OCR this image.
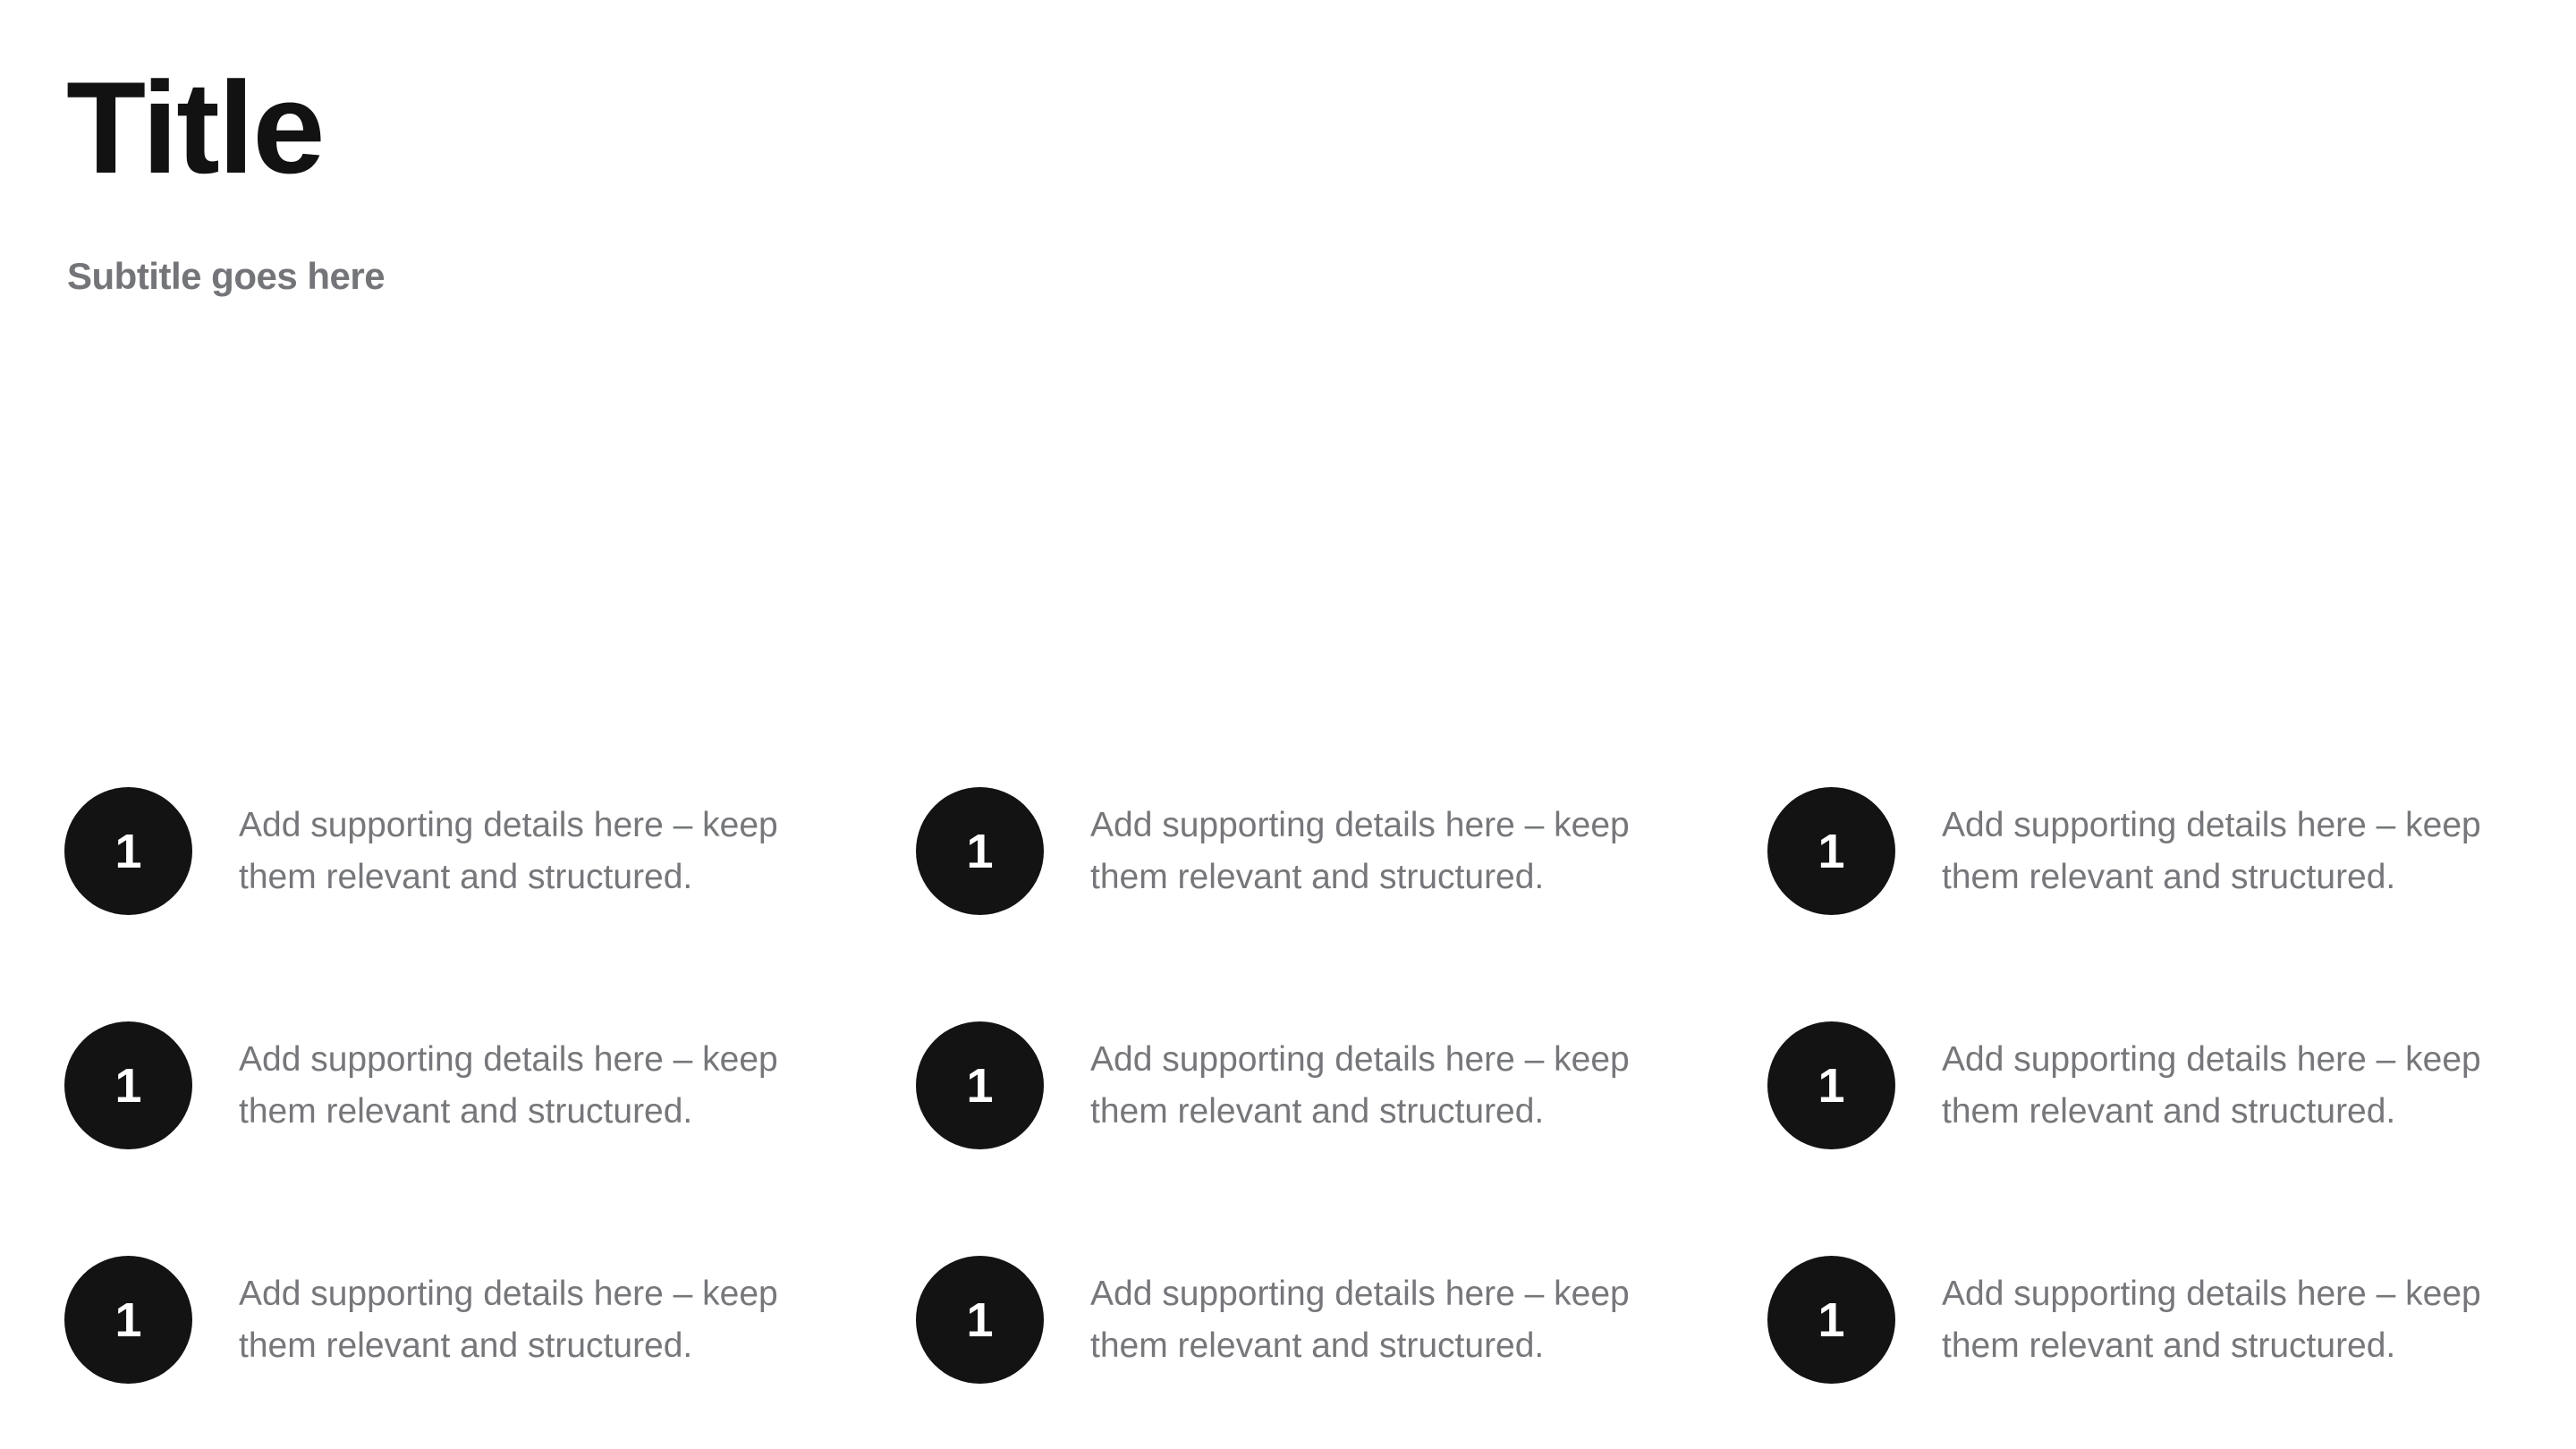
Title
Subtitle goes here
1	Add supporting details here – keep them relevant and structured.	1	Add supporting details here – keep them relevant and structured.	1	Add supporting details here – keep them relevant and structured.

1	Add supporting details here – keep them relevant and structured.	1	Add supporting details here – keep them relevant and structured.	1	Add supporting details here – keep them relevant and structured.

1	Add supporting details here – keep them relevant and structured.	1	Add supporting details here – keep them relevant and structured.	1	Add supporting details here – keep them relevant and structured.
